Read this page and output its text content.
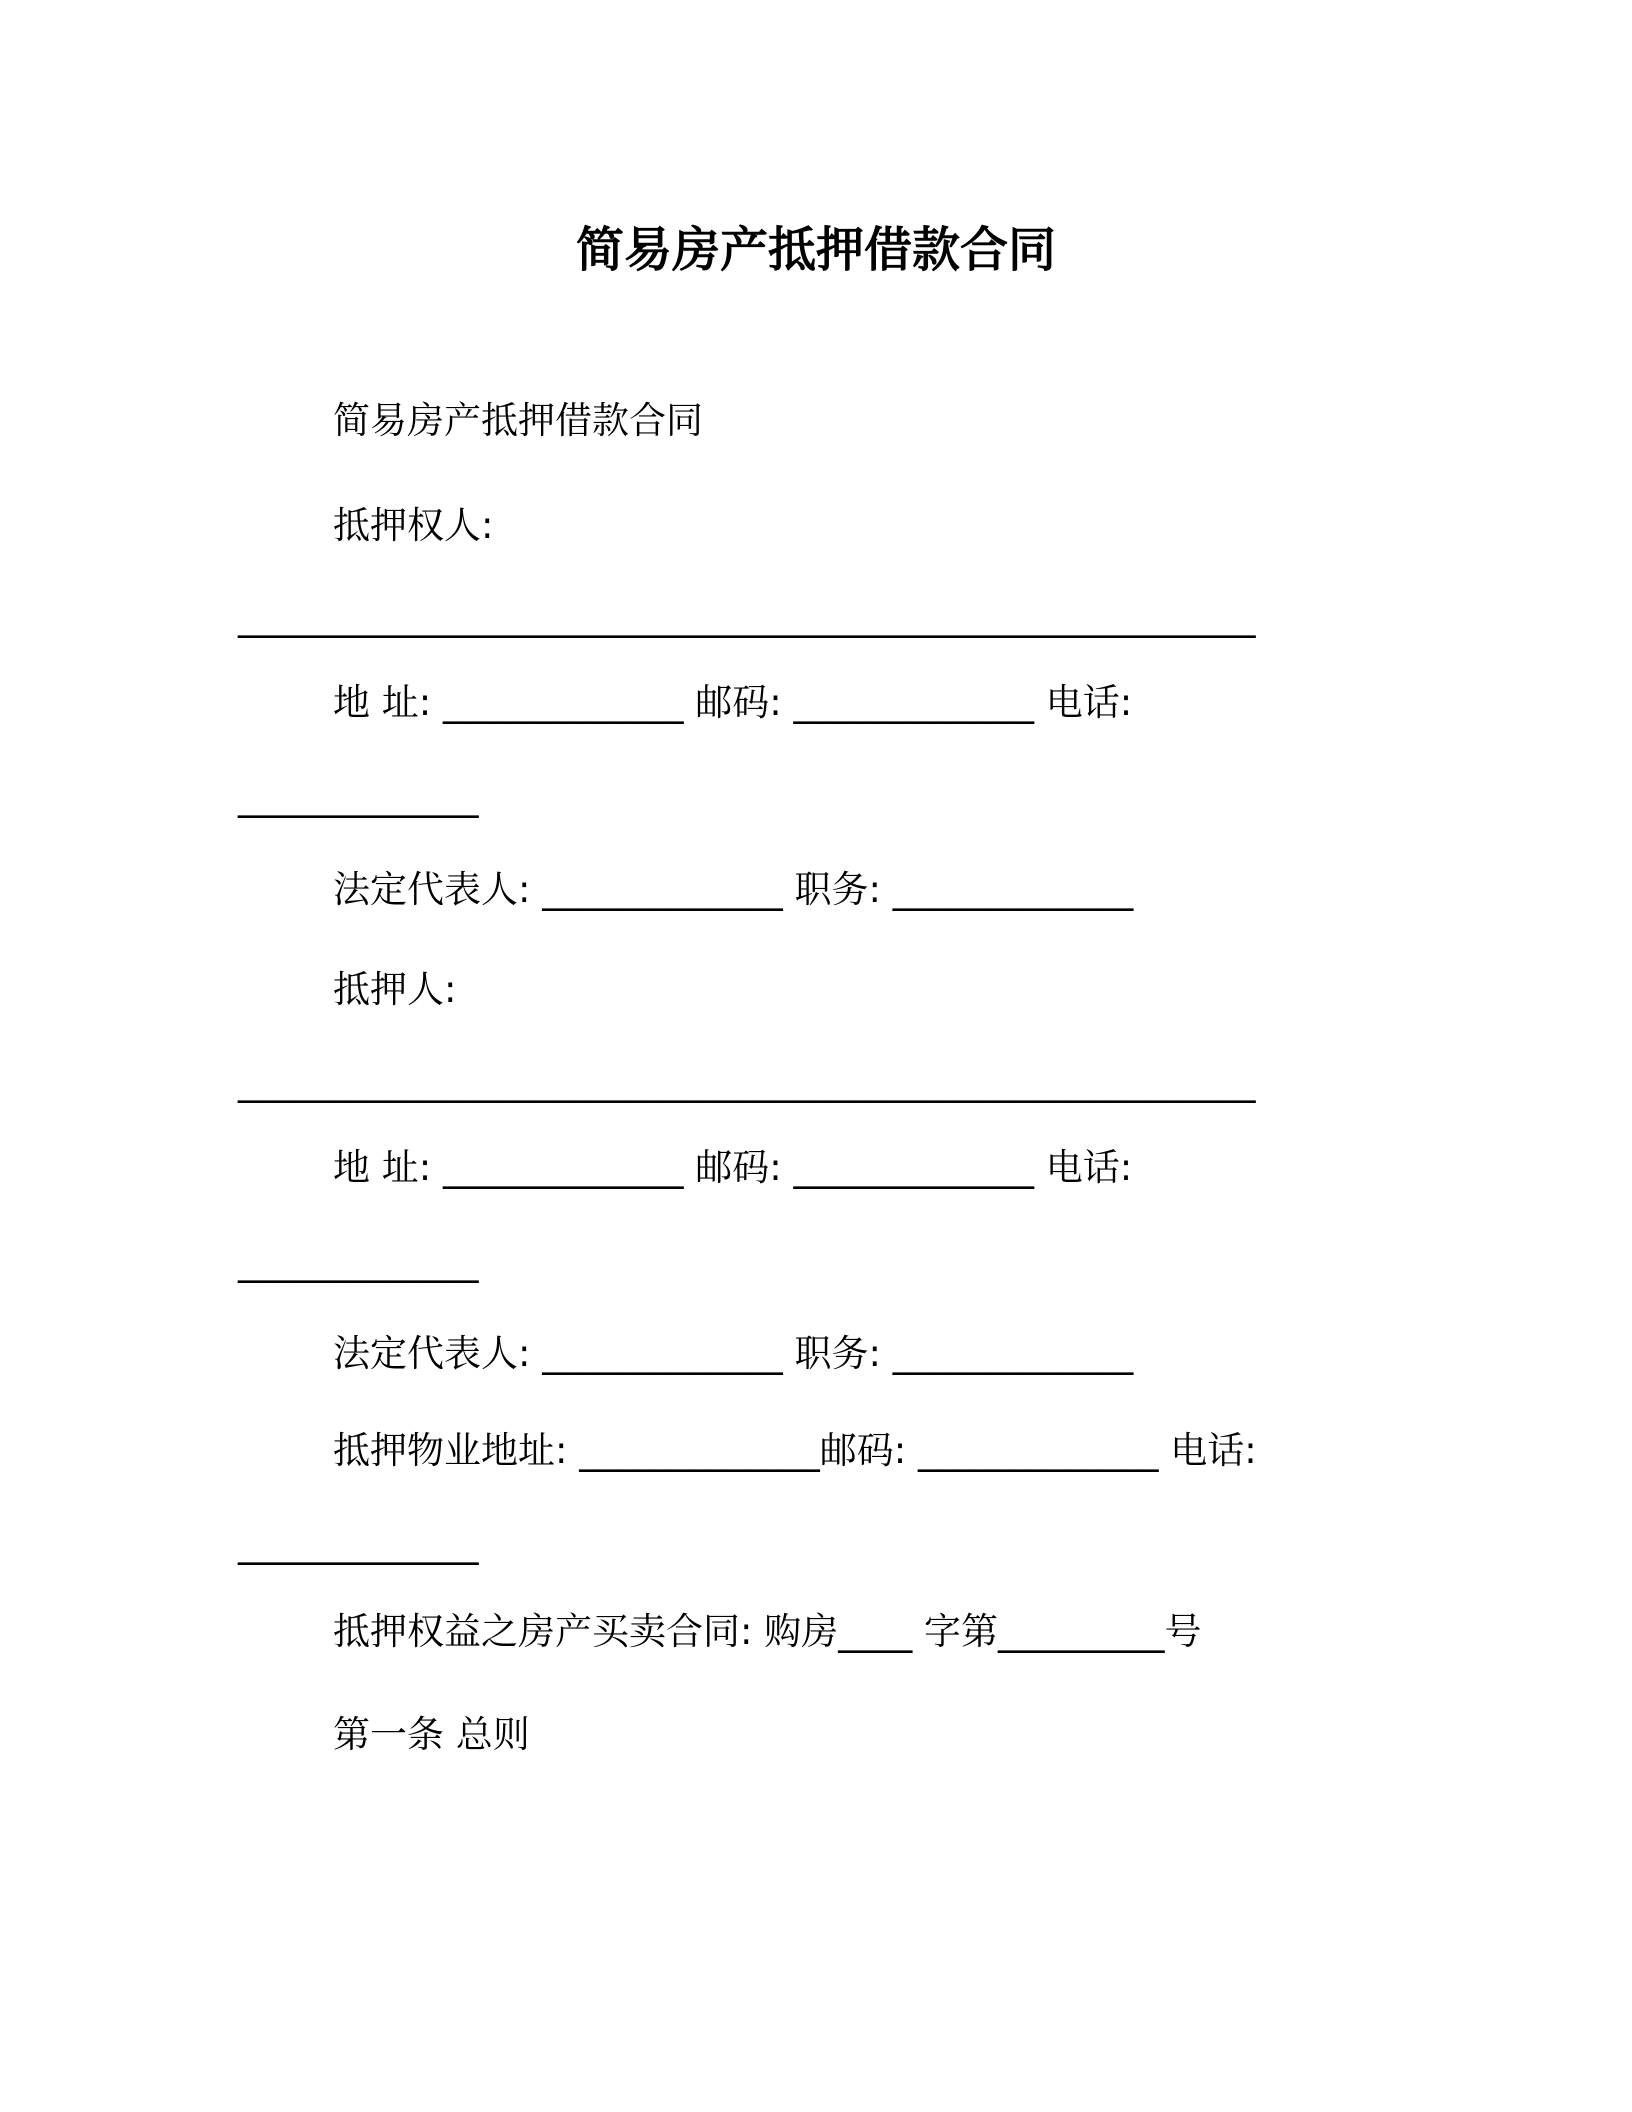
简易房产抵押借款合同
简易房产抵押借款合同
抵押权人:
_______________________________________________________
地 址: _____________ 邮码: _____________ 电话:
_____________
法定代表人: _____________ 职务: _____________
抵押人:
_______________________________________________________
地 址: _____________ 邮码: _____________ 电话:
_____________
法定代表人: _____________ 职务: _____________
抵押物业地址: _____________邮码: _____________ 电话:
_____________
抵押权益之房产买卖合同: 购房____ 字第_________号
第一条 总则
